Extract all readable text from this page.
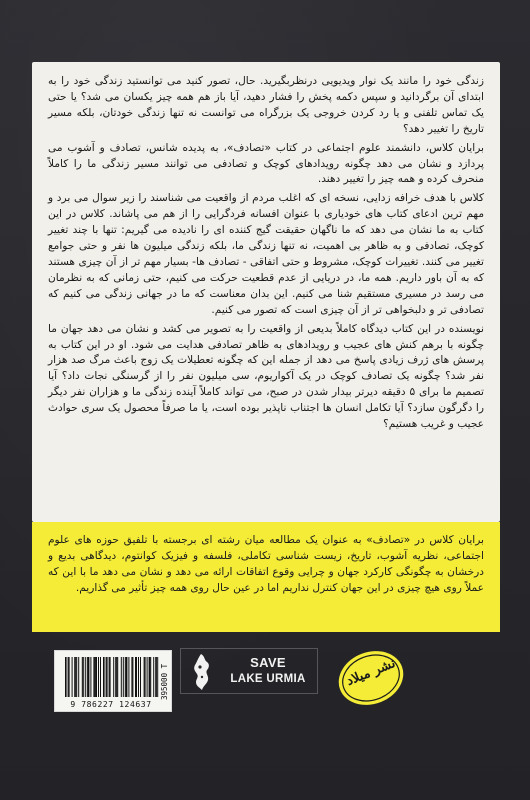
زندگی خود را مانند یک نوار ویدیویی درنظربگیرید. حال، تصور کنید می توانستید زندگی خود را به ابتدای آن برگردانید و سپس دکمه پخش را فشار دهید، آیا باز هم همه چیز یکسان می شد؟ یا حتی یک تماس تلفنی و یا رد کردن خروجی یک بزرگراه می توانست نه تنها زندگی خودتان، بلکه مسیر تاریخ را تغییر دهد؟

برایان کلاس، دانشمند علوم اجتماعی در کتاب «تصادف»، به پدیده شانس، تصادف و آشوب می پردازد و نشان می دهد چگونه رویدادهای کوچک و تصادفی می توانند مسیر زندگی ما را کاملاً منحرف کرده و همه چیز را تغییر دهند.

کلاس با هدف خرافه زدایی، نسخه ای که اغلب مردم از واقعیت می شناسند را زیر سوال می برد و مهم ترین ادعای کتاب های خودیاری با عنوان افسانه فردگرایی را از هم می پاشاند. کلاس در این کتاب به ما نشان می دهد که ما ناگهان حقیقت گیج کننده ای را نادیده می گیریم: تنها با چند تغییر کوچک، تصادفی و به ظاهر بی اهمیت، نه تنها زندگی ما، بلکه زندگی میلیون ها نفر و حتی جوامع تغییر می کنند. تغییرات کوچک، مشروط و حتی اتفاقی - تصادف ها- بسیار مهم تر از آن چیزی هستند که به آن باور داریم. همه ما، در دریایی از عدم قطعیت حرکت می کنیم، حتی زمانی که به نظرمان می رسد در مسیری مستقیم شنا می کنیم. این بدان معناست که ما در جهانی زندگی می کنیم که تصادفی تر و دلبخواهی تر از آن چیزی است که تصور می کنیم.

نویسنده در این کتاب دیدگاه کاملاً بدیعی از واقعیت را به تصویر می کشد و نشان می دهد جهان ما چگونه با برهم کنش های عجیب و رویدادهای به ظاهر تصادفی هدایت می شود. او در این کتاب به پرسش های ژرف زیادی پاسخ می دهد از جمله این که چگونه تعطیلات یک زوج باعث مرگ صد هزار نفر شد؟ چگونه یک تصادف کوچک در یک آکواریوم، سی میلیون نفر را از گرسنگی نجات داد؟ آیا تصمیم ما برای ۵ دقیقه دیرتر بیدار شدن در صبح، می تواند کاملاً آینده زندگی ما و هزاران نفر دیگر را دگرگون سازد؟ آیا تکامل انسان ها اجتناب ناپذیر بوده است، یا ما صرفاً محصول یک سری حوادث عجیب و غریب هستیم؟

برایان کلاس در «تصادف» به عنوان یک مطالعه میان رشته ای برجسته با تلفیق حوزه های علوم اجتماعی، نظریه آشوب، تاریخ، زیست شناسی تکاملی، فلسفه و فیزیک کوانتوم، دیدگاهی بدیع و درخشان به چگونگی کارکرد جهان و چرایی وقوع اتفاقات ارائه می دهد و نشان می دهد ما با این که عملاً روی هیچ چیزی در این جهان کنترل نداریم اما در عین حال روی همه چیز تأثیر می گذاریم.

9 786227 124637
395000 T
SAVE
LAKE URMIA	نشر میلاد
